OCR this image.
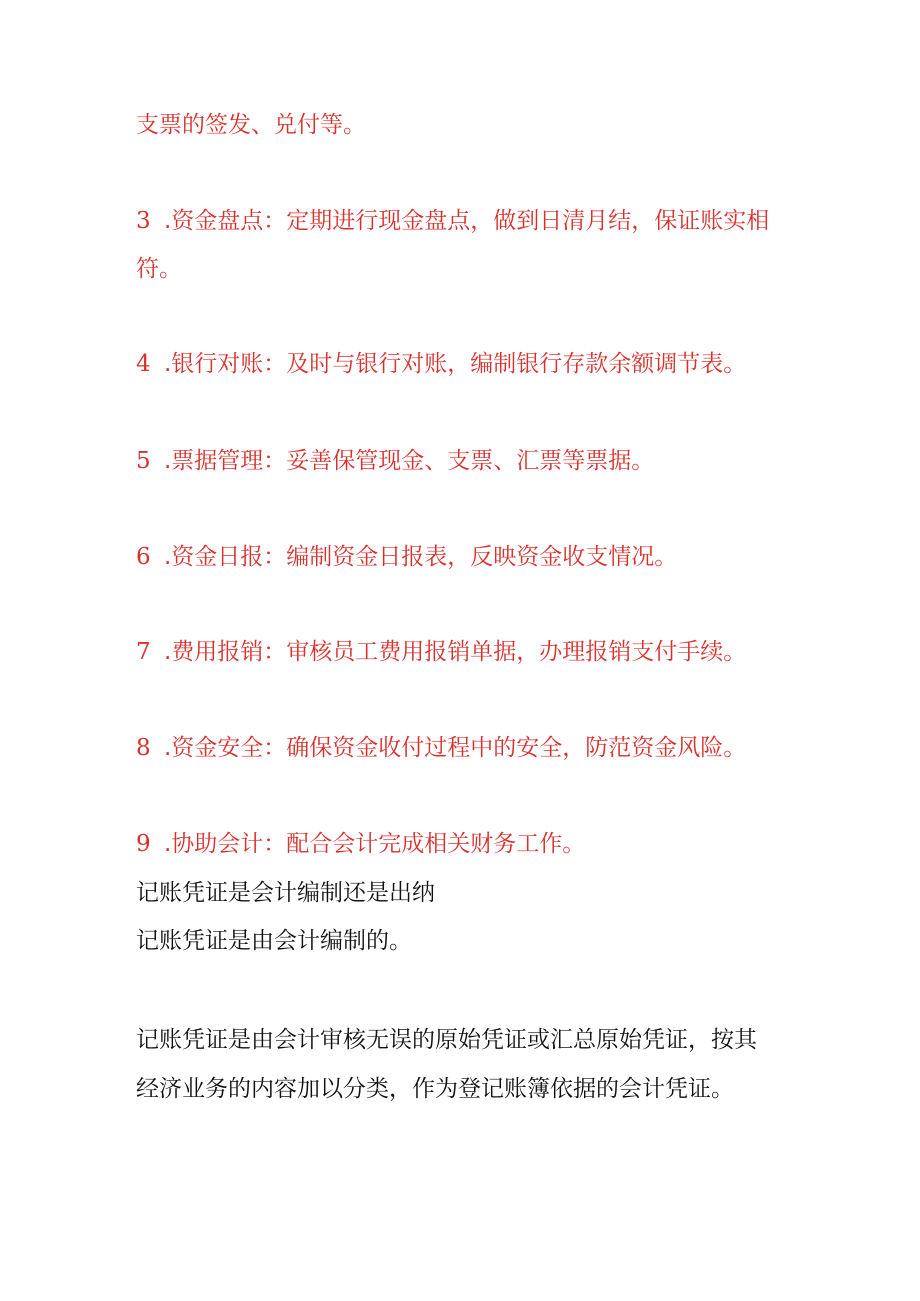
支票的签发、兑付等。
3 .资金盘点：定期进行现金盘点，做到日清月结，保证账实相
符。
4 .银行对账：及时与银行对账，编制银行存款余额调节表。
5 .票据管理：妥善保管现金、支票、汇票等票据。
6 .资金日报：编制资金日报表，反映资金收支情况。
7 .费用报销：审核员工费用报销单据，办理报销支付手续。
8 .资金安全：确保资金收付过程中的安全，防范资金风险。
9 .协助会计：配合会计完成相关财务工作。
记账凭证是会计编制还是出纳
记账凭证是由会计编制的。
记账凭证是由会计审核无误的原始凭证或汇总原始凭证，按其
经济业务的内容加以分类，作为登记账簿依据的会计凭证。
